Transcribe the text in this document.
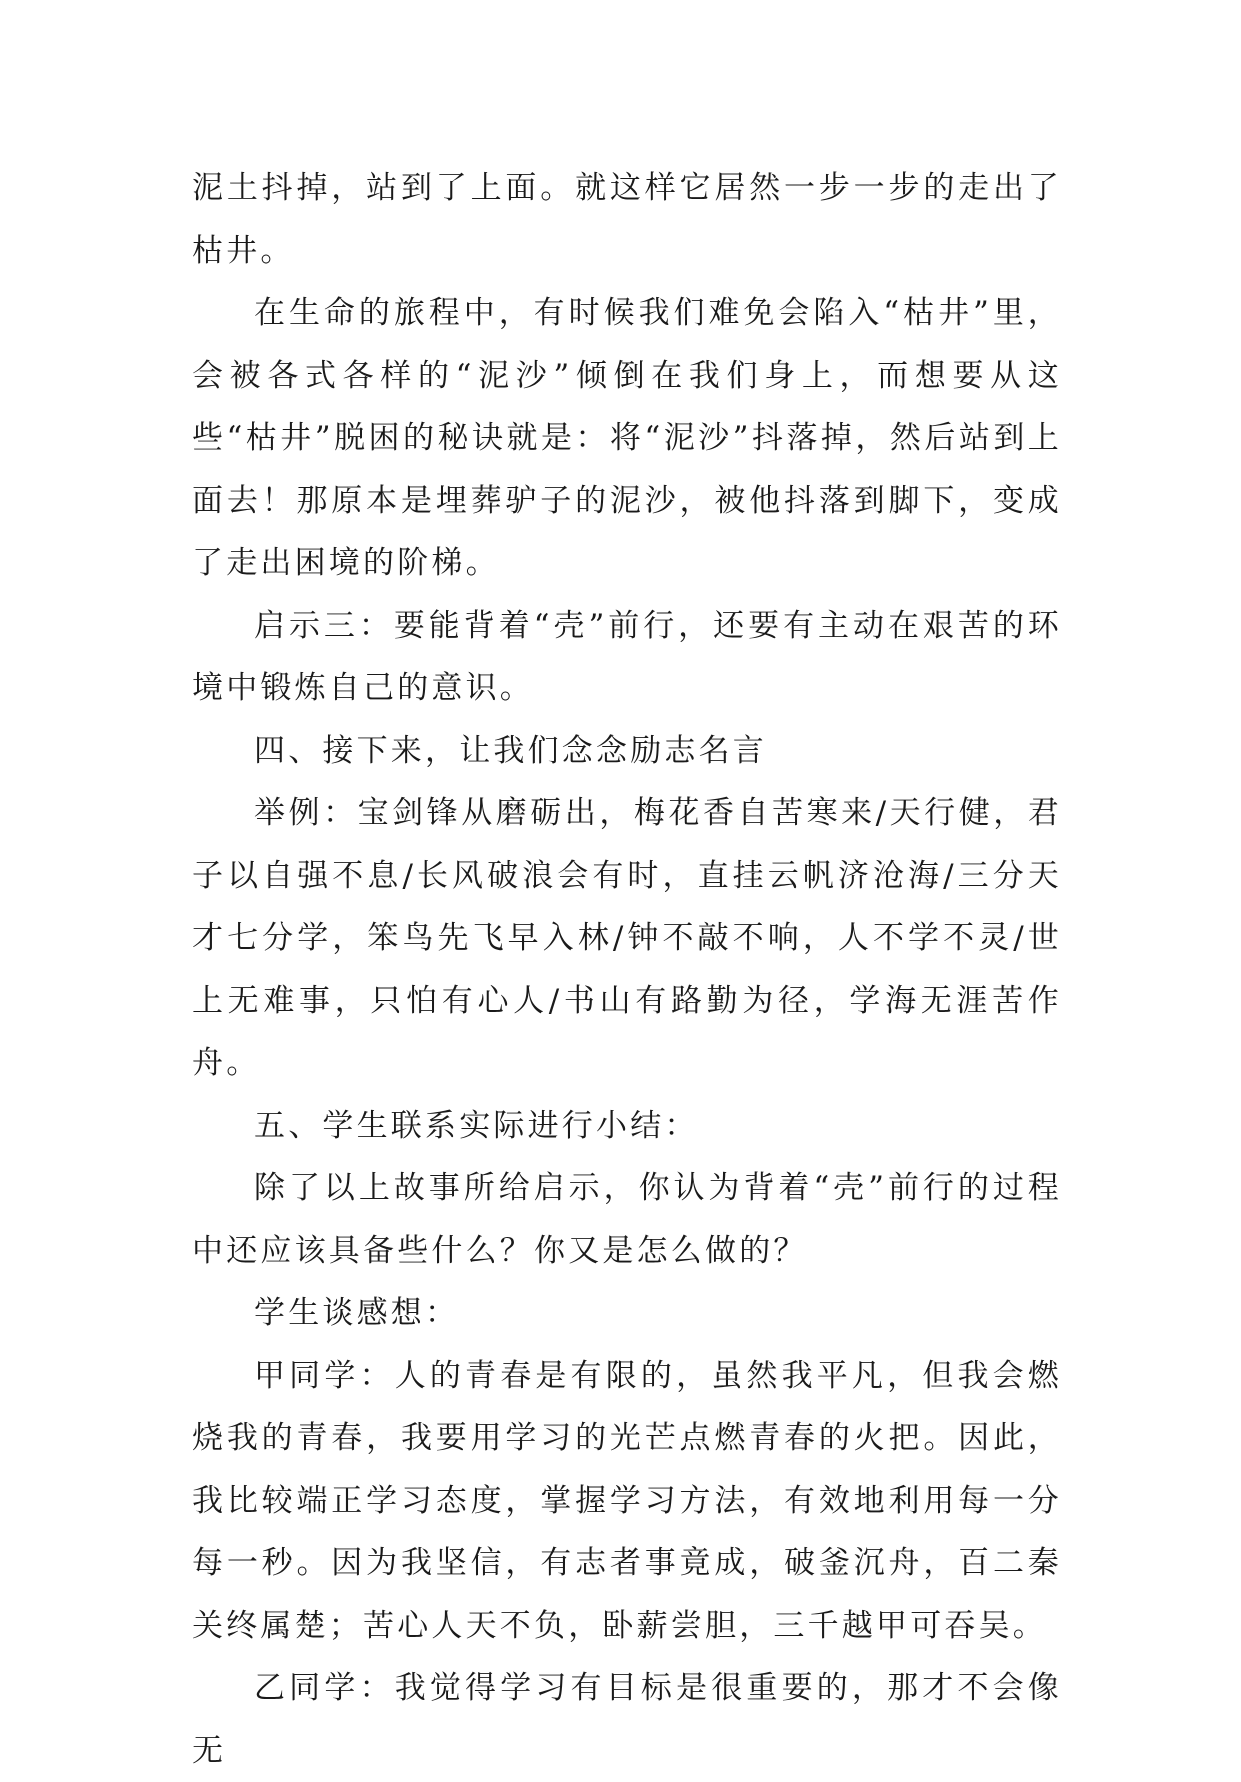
泥土抖掉，站到了上面。就这样它居然一步一步的走出了枯井。

在生命的旅程中，有时候我们难免会陷入“枯井”里，会被各式各样的“泥沙”倾倒在我们身上，而想要从这些“枯井”脱困的秘诀就是：将“泥沙”抖落掉，然后站到上面去！那原本是埋葬驴子的泥沙，被他抖落到脚下，变成了走出困境的阶梯。

启示三：要能背着“壳”前行，还要有主动在艰苦的环境中锻炼自己的意识。

四、接下来，让我们念念励志名言

举例：宝剑锋从磨砺出，梅花香自苦寒来/天行健，君子以自强不息/长风破浪会有时，直挂云帆济沧海/三分天才七分学，笨鸟先飞早入林/钟不敲不响，人不学不灵/世上无难事，只怕有心人/书山有路勤为径，学海无涯苦作舟。

五、学生联系实际进行小结：

除了以上故事所给启示，你认为背着“壳”前行的过程中还应该具备些什么？你又是怎么做的？

学生谈感想：

甲同学：人的青春是有限的，虽然我平凡，但我会燃烧我的青春，我要用学习的光芒点燃青春的火把。因此，我比较端正学习态度，掌握学习方法，有效地利用每一分每一秒。因为我坚信，有志者事竟成，破釜沉舟，百二秦关终属楚；苦心人天不负，卧薪尝胆，三千越甲可吞吴。

乙同学：我觉得学习有目标是很重要的，那才不会像无
